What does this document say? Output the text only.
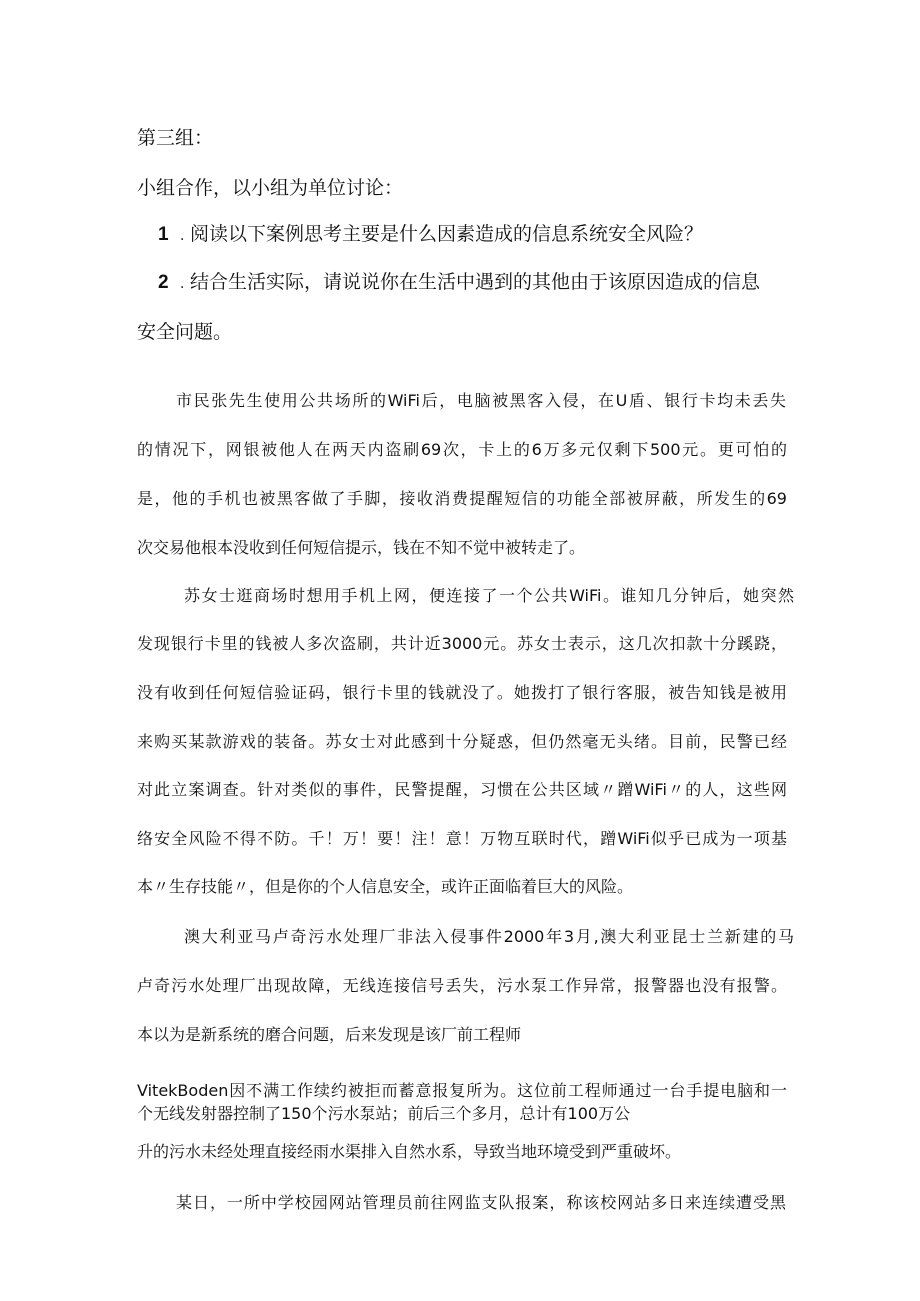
第三组：
小组合作，以小组为单位讨论：
1 . 阅读以下案例思考主要是什么因素造成的信息系统安全风险？
2 . 结合生活实际，请说说你在生活中遇到的其他由于该原因造成的信息
安全问题。
市民张先生使用公共场所的WiFi后，电脑被黑客入侵，在U盾、银行卡均未丢失
的情况下，网银被他人在两天内盗刷69次，卡上的6万多元仅剩下500元。更可怕的
是，他的手机也被黑客做了手脚，接收消费提醒短信的功能全部被屏蔽，所发生的69
次交易他根本没收到任何短信提示，钱在不知不觉中被转走了。
苏女士逛商场时想用手机上网，便连接了一个公共WiFi。谁知几分钟后，她突然
发现银行卡里的钱被人多次盗刷，共计近3000元。苏女士表示，这几次扣款十分蹊跷，
没有收到任何短信验证码，银行卡里的钱就没了。她拨打了银行客服，被告知钱是被用
来购买某款游戏的装备。苏女士对此感到十分疑惑，但仍然毫无头绪。目前，民警已经
对此立案调查。针对类似的事件，民警提醒，习惯在公共区域〃蹭WiFi〃的人，这些网
络安全风险不得不防。千！万！要！注！意！万物互联时代，蹭WiFi似乎已成为一项基
本〃生存技能〃，但是你的个人信息安全，或许正面临着巨大的风险。
澳大利亚马卢奇污水处理厂非法入侵事件2000年3月,澳大利亚昆士兰新建的马
卢奇污水处理厂出现故障，无线连接信号丢失，污水泵工作异常，报警器也没有报警。
本以为是新系统的磨合问题，后来发现是该厂前工程师
VitekBoden因不满工作续约被拒而蓄意报复所为。这位前工程师通过一台手提电脑和一
个无线发射器控制了150个污水泵站；前后三个多月，总计有100万公
升的污水未经处理直接经雨水渠排入自然水系，导致当地环境受到严重破坏。
某日，一所中学校园网站管理员前往网监支队报案，称该校网站多日来连续遭受黑
